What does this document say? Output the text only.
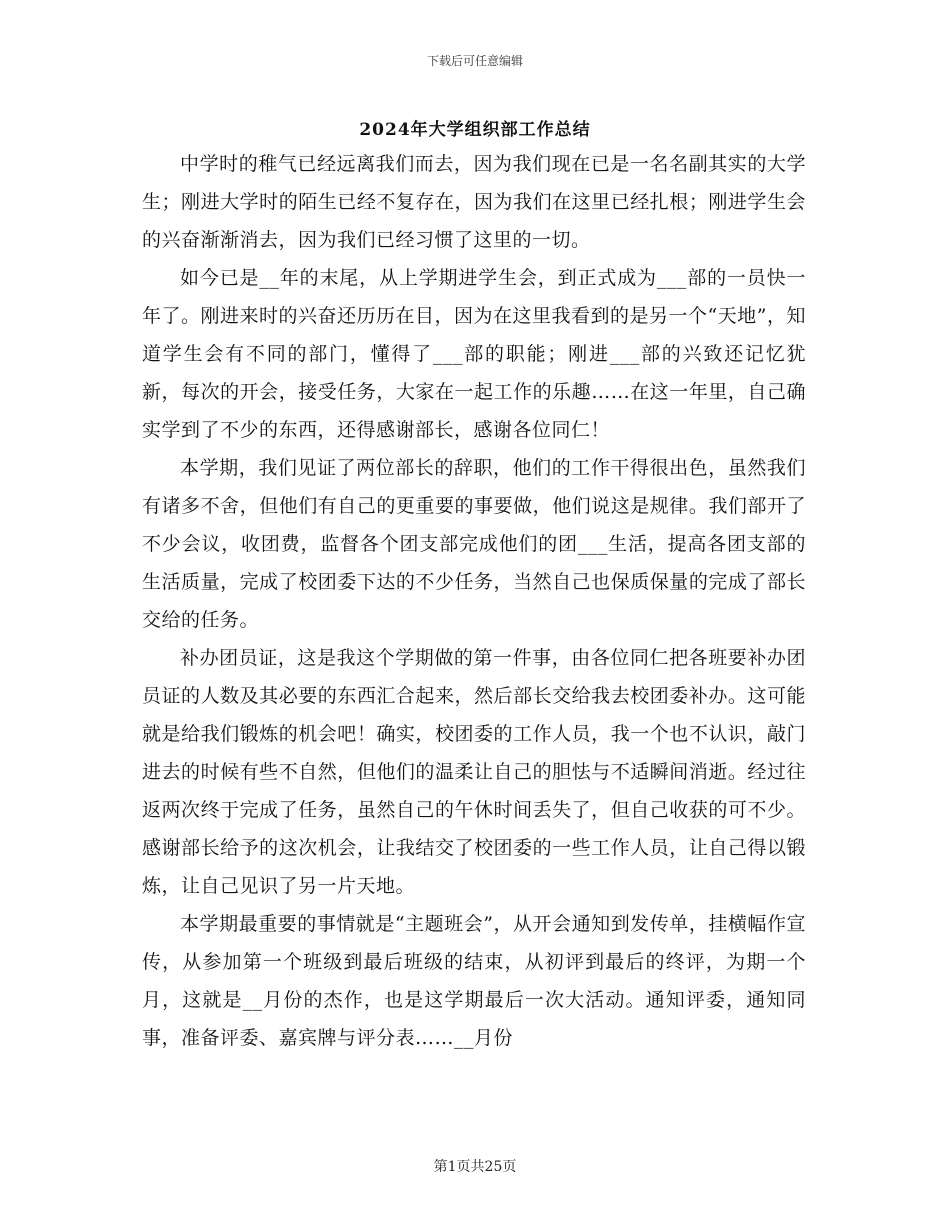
下载后可任意编辑
2024年大学组织部工作总结

中学时的稚气已经远离我们而去，因为我们现在已是一名名副其实的大学生；刚进大学时的陌生已经不复存在，因为我们在这里已经扎根；刚进学生会的兴奋渐渐消去，因为我们已经习惯了这里的一切。

如今已是__年的末尾，从上学期进学生会，到正式成为___部的一员快一年了。刚进来时的兴奋还历历在目，因为在这里我看到的是另一个“天地”，知道学生会有不同的部门，懂得了___部的职能；刚进___部的兴致还记忆犹新，每次的开会，接受任务，大家在一起工作的乐趣……在这一年里，自己确实学到了不少的东西，还得感谢部长，感谢各位同仁！

本学期，我们见证了两位部长的辞职，他们的工作干得很出色，虽然我们有诸多不舍，但他们有自己的更重要的事要做，他们说这是规律。我们部开了不少会议，收团费，监督各个团支部完成他们的团___生活，提高各团支部的生活质量，完成了校团委下达的不少任务，当然自己也保质保量的完成了部长交给的任务。

补办团员证，这是我这个学期做的第一件事，由各位同仁把各班要补办团员证的人数及其必要的东西汇合起来，然后部长交给我去校团委补办。这可能就是给我们锻炼的机会吧！确实，校团委的工作人员，我一个也不认识，敲门进去的时候有些不自然，但他们的温柔让自己的胆怯与不适瞬间消逝。经过往返两次终于完成了任务，虽然自己的午休时间丢失了，但自己收获的可不少。感谢部长给予的这次机会，让我结交了校团委的一些工作人员，让自己得以锻炼，让自己见识了另一片天地。

本学期最重要的事情就是“主题班会”，从开会通知到发传单，挂横幅作宣传，从参加第一个班级到最后班级的结束，从初评到最后的终评，为期一个月，这就是__月份的杰作，也是这学期最后一次大活动。通知评委，通知同事，准备评委、嘉宾牌与评分表……__月份

第1页共25页
